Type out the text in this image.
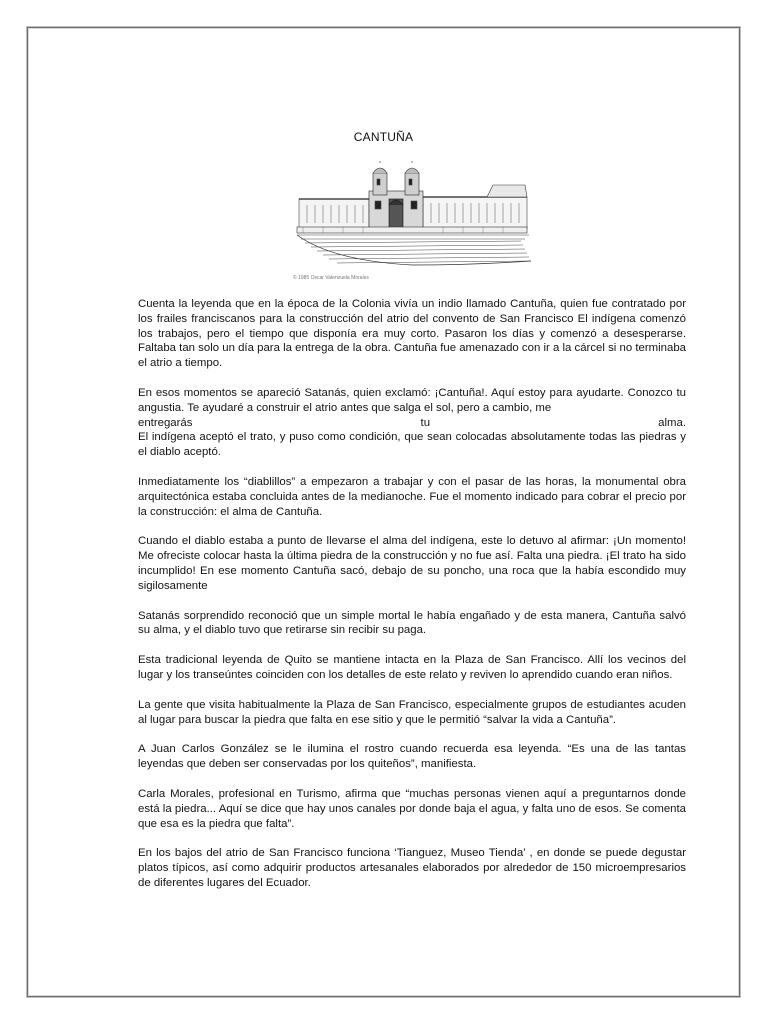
CANTUÑA
© 1985 Oscar Valenzuela Morales

Cuenta la leyenda que en la época de la Colonia vivía un indio llamado Cantuña, quien fue contratado por los frailes franciscanos para la construcción del atrio del convento de San Francisco El indígena comenzó los trabajos, pero el tiempo que disponía era muy corto. Pasaron los días y comenzó a desesperarse. Faltaba tan solo un día para la entrega de la obra. Cantuña fue amenazado con ir a la cárcel si no terminaba el atrio a tiempo.

En esos momentos se apareció Satanás, quien exclamó: ¡Cantuña!. Aquí estoy para ayudarte. Conozco tu angustia. Te ayudaré a construir el atrio antes que salga el sol, pero a cambio, me
entregarás	tu	alma.
El indígena aceptó el trato, y puso como condición, que sean colocadas absolutamente todas las piedras y el diablo aceptó.

Inmediatamente los “diablillos” a empezaron a trabajar y con el pasar de las horas, la monumental obra arquitectónica estaba concluida antes de la medianoche. Fue el momento indicado para cobrar el precio por la construcción: el alma de Cantuña.

Cuando el diablo estaba a punto de llevarse el alma del indígena, este lo detuvo al afirmar: ¡Un momento! Me ofreciste colocar hasta la última piedra de la construcción y no fue así. Falta una piedra. ¡El trato ha sido incumplido! En ese momento Cantuña sacó, debajo de su poncho, una roca que la había escondido muy sigilosamente

Satanás sorprendido reconoció que un simple mortal le había engañado y de esta manera, Cantuña salvó su alma, y el diablo tuvo que retirarse sin recibir su paga.

Esta tradicional leyenda de Quito se mantiene intacta en la Plaza de San Francisco. Allí los vecinos del lugar y los transeúntes coinciden con los detalles de este relato y reviven lo aprendido cuando eran niños.

La gente que visita habitualmente la Plaza de San Francisco, especialmente grupos de estudiantes acuden al lugar para buscar la piedra que falta en ese sitio y que le permitió “salvar la vida a Cantuña”.

A Juan Carlos González se le ilumina el rostro cuando recuerda esa leyenda. “Es una de las tantas leyendas que deben ser conservadas por los quiteños”, manifiesta.

Carla Morales, profesional en Turismo, afirma que “muchas personas vienen aquí a preguntarnos donde está la piedra... Aquí se dice que hay unos canales por donde baja el agua, y falta uno de esos. Se comenta que esa es la piedra que falta”.

En los bajos del atrio de San Francisco funciona ‘Tianguez, Museo Tienda’ , en donde se puede degustar platos típicos, así como adquirir productos artesanales elaborados por alrededor de 150 microempresarios de diferentes lugares del Ecuador.
